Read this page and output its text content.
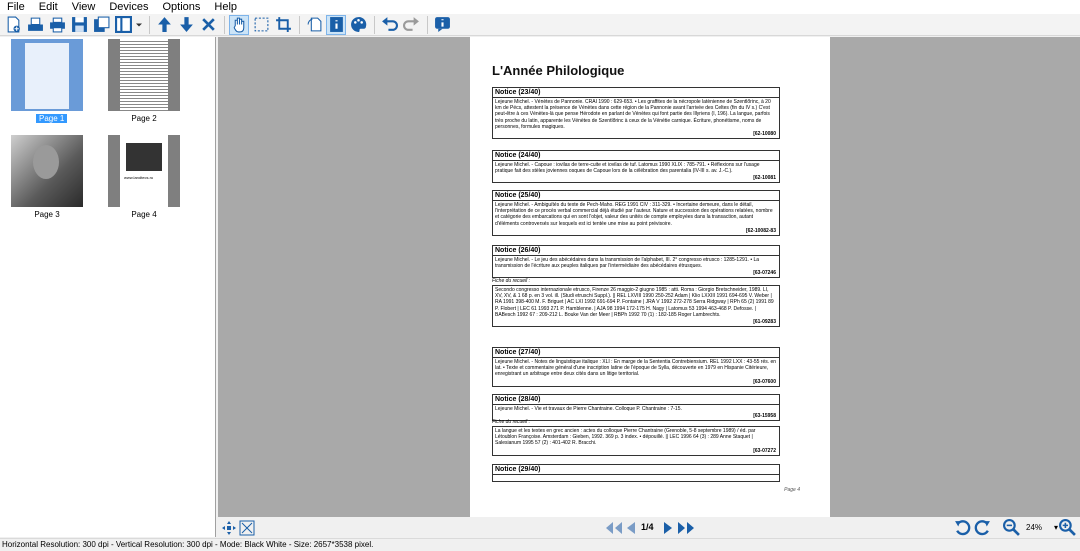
File	Edit	View	Devices	Options	Help
Page 1	Page 2
Page 3
www.landtecs.ru
Page 4
L'Année Philologique
Notice (23/40)
Lejeune Michel. - Vénètes de Pannonie. CRAI 1990 : 629-653. • Les graffites de la nécropole latènienne de Szentlőrinc, à 20 km de Pécs, attestent la présence de Vénètes dans cette région de la Pannonie avant l'arrivée des Celtes (fin du IV s.) C'est peut-être à ces Vénètes-là que pense Hérodote en parlant de Vénètes qui font partie des Illyriens (I, 196). La langue, parfois très proche du latin, apparente les Vénètes de Szentlőrinc à ceux de la Vénétie carnique. Écriture, phonétisme, noms de personnes, formules magiques.
[62-10080
Notice (24/40)
Lejeune Michel. - Capoue : iovilas de terre-cuite et iovilas de tuf. Latomus 1990 XLIX : 785-791. • Réflexions sur l'usage pratique fait des stèles joviennes osques de Capoue lors de la célébration des parentalia (IV-III s. av. J.-C.).
[62-10081
Notice (25/40)
Lejeune Michel. - Ambiguïtés du texte de Pech-Maho. REG 1991 CIV : 311-329. • Incertaine demeure, dans le détail, l'interprétation de ce procès verbal commercial déjà étudié par l'auteur. Nature et succession des opérations relatées, nombre et catégorie des embarcations qui en sont l'objet, valeur des unités de compte employées dans la transaction, autant d'éléments controversés sur lesquels est ici tentée une mise au point prévisoire.
[62-10082-83
Notice (26/40)
Lejeune Michel. - Le jeu des abécédaires dans la transmission de l'alphabet, III. 2° congresso etrusco : 1285-1291. • La transmission de l'écriture aux peuples italiques par l'intermédiaire des abécédaires étrusques.
[63-07246
Fiche du recueil :
Secondo congresso internazionale etrusco, Firenze 26 maggio-2 giugno 1985 : atti. Roma : Giorgio Bretschneider, 1989. LI, XV, XV, & 1 68 p. en 3 vol. ill. (Studi etruschi Suppl.). || REL LXVIII 1990 250-252 Adam | Klio LXXIII 1991 694-695 V. Weber | RA 1991 398-400 M. F. Briguet | AC LXI 1992 691-694 P. Fontaine | JRA V 1992 272-278 Serra Ridgway | RPh 65 (2) 1991 89 P. Flobert | LEC 61 1993 271 P. Hamblenne. | AJA 98 1994 172-175 H. Nagy | Latomus 53 1994 463-468 P. Defosse. | BABesch 1992 67 : 209-212 L. Bouke Van der Meer | RBPh 1992 70 (1) : 182-185 Roger Lambrechts.
[61-09283
Notice (27/40)
Lejeune Michel. - Notes de linguistique italique : XLI : En marge de la Sententia Contrebiensium. REL 1992 LXX : 43-55 rés. en lat. • Texte et commentaire général d'une inscription latine de l'époque de Sylla, découverte en 1979 en Hispanie Citérieure, enregistrant un arbitrage entre deux cités dans un litige territorial.
[63-07600
Notice (28/40)
Lejeune Michel. - Vie et travaux de Pierre Chantraine. Colloque P. Chantraine : 7-15.
[63-15958
Fiche du recueil :
La langue et les textes en grec ancien : actes du colloque Pierre Chantraine (Grenoble, 5-8 septembre 1989) / éd. par Létoublon Françoise. Amsterdam : Gieben, 1992. 369 p. 3 index. • dépouillé. || LEC 1996 64 (3) : 289 Anne Staquet | Salesianum 1995 57 (2) : 401-402 R. Bracchi.
[63-07272
Notice (29/40)
Page 4
1/4	24% ▾
Horizontal Resolution: 300 dpi - Vertical Resolution: 300 dpi - Mode: Black White - Size: 2657*3538 pixel.
